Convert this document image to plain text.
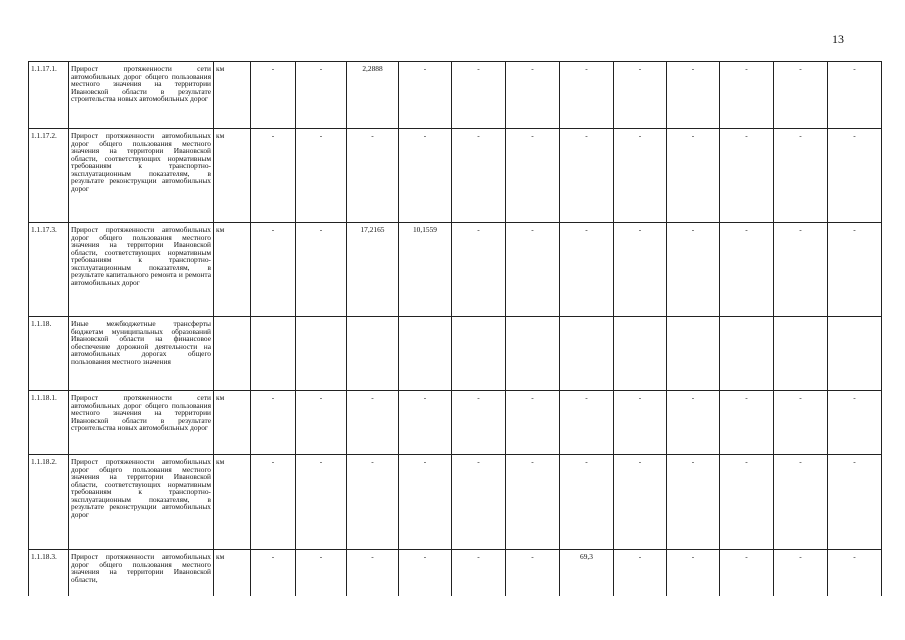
13
1.1.17.1.	Прирост протяженности сети автомобильных дорог общего пользования местного значения на территории Ивановской области в результате строительства новых автомобильных дорог	км	-	-	2,2888	-	-	-	-	-	-	-	-	-
1.1.17.2.	Прирост протяженности автомобильных дорог общего пользования местного значения на территории Ивановской области, соответствующих нормативным требованиям к транспортно-эксплуатационным показателям, в результате реконструкции автомобильных дорог	км	-	-	-	-	-	-	-	-	-	-	-	-
1.1.17.3.	Прирост протяженности автомобильных дорог общего пользования местного значения на территории Ивановской области, соответствующих нормативным требованиям к транспортно-эксплуатационным показателям, в результате капитального ремонта и ремонта автомобильных дорог	км	-	-	17,2165	10,1559	-	-	-	-	-	-	-	-
1.1.18.	Иные межбюджетные трансферты бюджетам муниципальных образований Ивановской области на финансовое обеспечение дорожной деятельности на автомобильных дорогах общего пользования местного значения													
1.1.18.1.	Прирост протяженности сети автомобильных дорог общего пользования местного значения на территории Ивановской области в результате строительства новых автомобильных дорог	км	-	-	-	-	-	-	-	-	-	-	-	-
1.1.18.2.	Прирост протяженности автомобильных дорог общего пользования местного значения на территории Ивановской области, соответствующих нормативным требованиям к транспортно-эксплуатационным показателям, в результате реконструкции автомобильных дорог	км	-	-	-	-	-	-	-	-	-	-	-	-
1.1.18.3.	Прирост протяженности автомобильных дорог общего пользования местного значения на территории Ивановской области,	км	-	-	-	-	-	-	69,3	-	-	-	-	-
